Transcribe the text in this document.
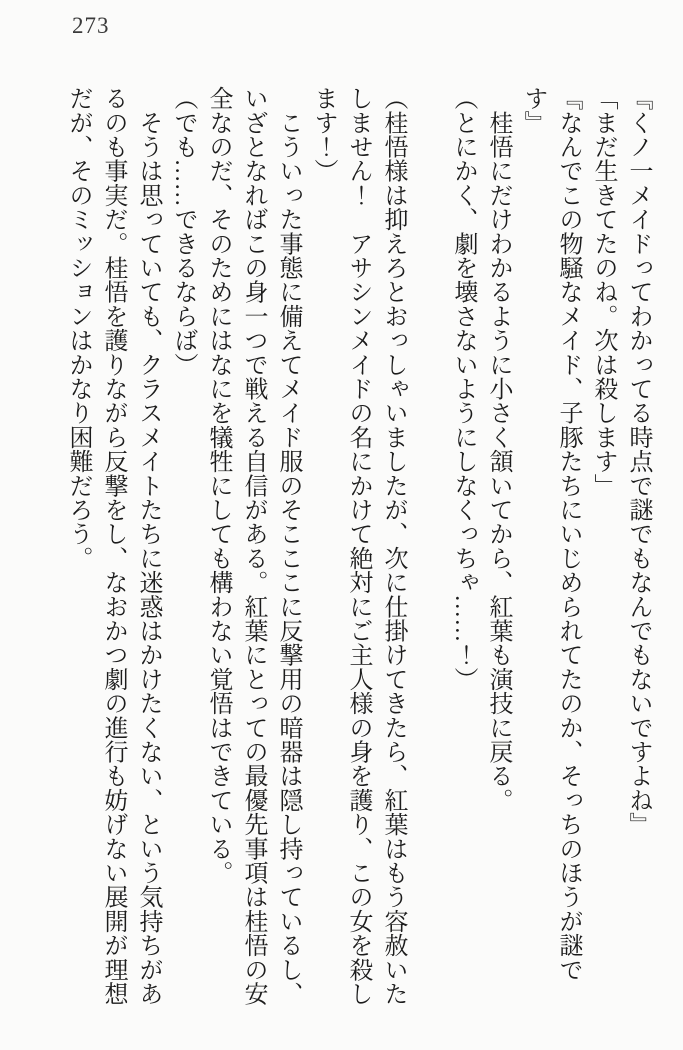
273

『くノ一メイドってわかってる時点で謎でもなんでもないですよね』

「まだ生きてたのね。次は殺します」

『なんでこの物騒なメイド、子豚たちにいじめられてたのか、そっちのほうが謎で

す』

　桂悟にだけわかるように小さく頷いてから、紅葉も演技に戻る。

（とにかく、劇を壊さないようにしなくっちゃ……！）

（桂悟様は抑えろとおっしゃいましたが、次に仕掛けてきたら、紅葉はもう容赦いた

しません！　アサシンメイドの名にかけて絶対にご主人様の身を護り、この女を殺し

ます！）

　こういった事態に備えてメイド服のそこここに反撃用の暗器は隠し持っているし、

いざとなればこの身一つで戦える自信がある。紅葉にとっての最優先事項は桂悟の安

全なのだ、そのためにはなにを犠牲にしても構わない覚悟はできている。

（でも……できるならば）

　そうは思っていても、クラスメイトたちに迷惑はかけたくない、という気持ちがあ

るのも事実だ。桂悟を護りながら反撃をし、なおかつ劇の進行も妨げない展開が理想

だが、そのミッションはかなり困難だろう。
